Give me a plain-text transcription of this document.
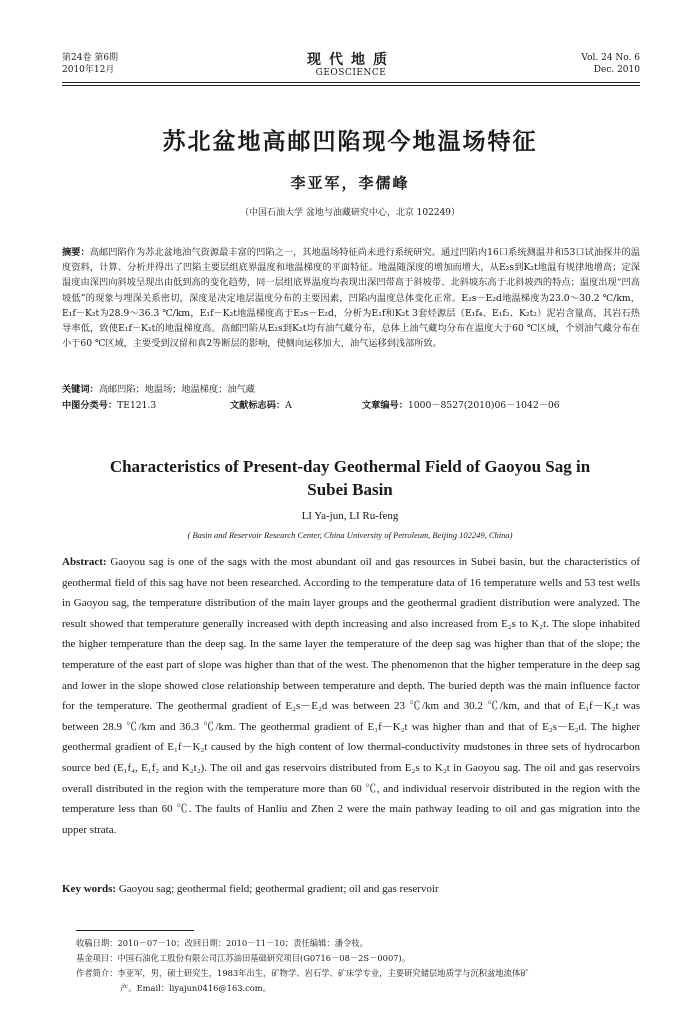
第24卷 第6期
2010年12月
现代地质
GEOSCIENCE
Vol. 24 No. 6
Dec. 2010
苏北盆地高邮凹陷现今地温场特征
李亚军，李儒峰
（中国石油大学 盆地与油藏研究中心，北京 102249）
摘要：高邮凹陷作为苏北盆地油气资源最丰富的凹陷之一，其地温场特征尚未进行系统研究。通过凹陷内16口系统测温井和53口试油探井的温度资料，计算、分析并得出了凹陷主要层组底界温度和地温梯度的平面特征。地温随深度的增加而增大，从E₂s到K₂t地温有规律地增高；定深温度由深凹向斜坡呈现出由低到高的变化趋势，同一层组底界温度均表现出深凹带高于斜坡带、北斜坡东高于北斜坡西的特点；温度出现“凹高坡低”的现象与埋深关系密切，深度是决定地层温度分布的主要因素，凹陷内温度总体变化正常。E₂s－E₂d地温梯度为23.0～30.2 ℃/km，E₁f－K₂t为28.9～36.3 ℃/km，E₁f－K₂t地温梯度高于E₂s－E₂d，分析为E₁f和K₂t 3套烃源层（E₁f₄、E₁f₂、K₂t₂）泥岩含量高，其岩石热导率低，致使E₁f－K₂t的地温梯度高。高邮凹陷从E₂s到K₂t均有油气藏分布，总体上油气藏均分布在温度大于60 ℃区域，个别油气藏分布在小于60 ℃区域，主要受到汉留和真2等断层的影响，使侧向运移加大，油气运移到浅部所致。
关键词：高邮凹陷；地温场；地温梯度；油气藏
中图分类号：TE121.3	文献标志码：A	文章编号：1000－8527(2010)06－1042－06
Characteristics of Present-day Geothermal Field of Gaoyou Sag in Subei Basin
LI Ya-jun, LI Ru-feng
( Basin and Reservoir Research Center, China University of Petroleum, Beijing 102249, China)
Abstract: Gaoyou sag is one of the sags with the most abundant oil and gas resources in Subei basin, but the characteristics of geothermal field of this sag have not been researched. According to the temperature data of 16 temperature wells and 53 test wells in Gaoyou sag, the temperature distribution of the main layer groups and the geothermal gradient distribution were analyzed. The result showed that temperature generally increased with depth increasing and also increased from E₂s to K₂t. The slope inhabited the higher temperature than the deep sag. In the same layer the temperature of the deep sag was higher than that of the slope; the temperature of the east part of slope was higher than that of the west. The phenomenon that the higher temperature in the deep sag and lower in the slope showed close relationship between temperature and depth. The buried depth was the main influence factor for the temperature. The geothermal gradient of E₂s－E₂d was between 23 ℃/km and 30.2 ℃/km, and that of E₁f－K₂t was between 28.9 ℃/km and 36.3 ℃/km. The geothermal gradient of E₁f－K₂t was higher than and that of E₂s－E₂d. The higher geothermal gradient of E₁f－K₂t caused by the high content of low thermal-conductivity mudstones in three sets of hydrocarbon source bed (E₁f₄, E₁f₂ and K₂t₂). The oil and gas reservoirs distributed from E₂s to K₂t in Gaoyou sag. The oil and gas reservoirs overall distributed in the region with the temperature more than 60 ℃, and individual reservoir distributed in the region with the temperature less than 60 ℃. The faults of Hanliu and Zhen 2 were the main pathway leading to oil and gas migration into the upper strata.
Key words: Gaoyou sag; geothermal field; geothermal gradient; oil and gas reservoir
收稿日期：2010－07－10；改回日期：2010－11－10；责任编辑：潘令枝。
基金项目：中国石油化工股份有限公司江苏油田基础研究项目(G0716－08－2S－0007)。
作者简介：李亚军，男，硕士研究生，1983年出生，矿物学、岩石学、矿床学专业，主要研究储层地质学与沉积盆地流体矿
产。Email：liyajun0416@163.com。
